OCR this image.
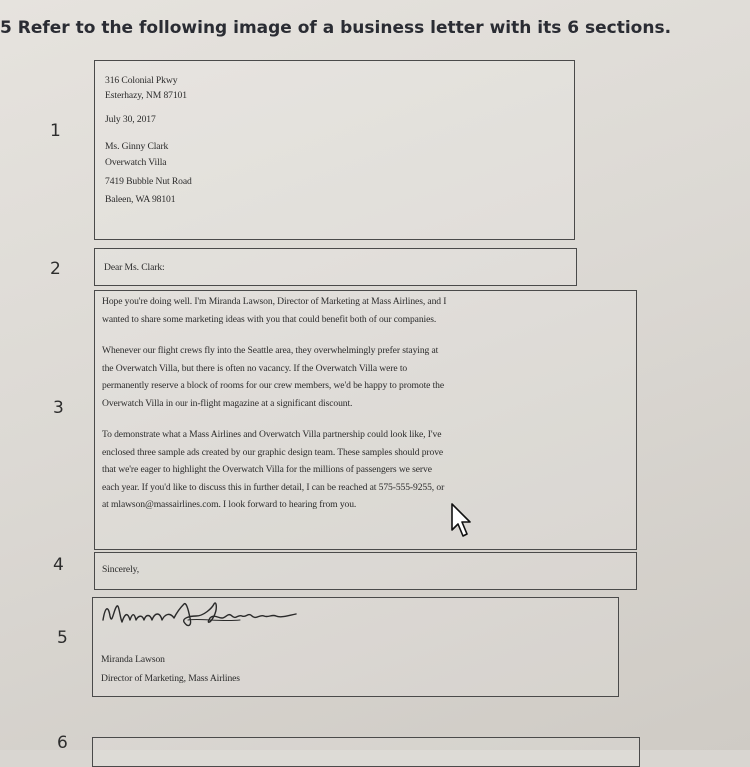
5 Refer to the following image of a business letter with its 6 sections.
1
2
3
4
5
6
316 Colonial Pkwy
Esterhazy, NM 87101
July 30, 2017
Ms. Ginny Clark
Overwatch Villa
7419 Bubble Nut Road
Baleen, WA 98101
Dear Ms. Clark:
Hope you're doing well. I'm Miranda Lawson, Director of Marketing at Mass Airlines, and I
wanted to share some marketing ideas with you that could benefit both of our companies.
Whenever our flight crews fly into the Seattle area, they overwhelmingly prefer staying at
the Overwatch Villa, but there is often no vacancy. If the Overwatch Villa were to
permanently reserve a block of rooms for our crew members, we'd be happy to promote the
Overwatch Villa in our in-flight magazine at a significant discount.
To demonstrate what a Mass Airlines and Overwatch Villa partnership could look like, I've
enclosed three sample ads created by our graphic design team. These samples should prove
that we're eager to highlight the Overwatch Villa for the millions of passengers we serve
each year. If you'd like to discuss this in further detail, I can be reached at 575-555-9255, or
at mlawson@massairlines.com. I look forward to hearing from you.
Sincerely,
Miranda Lawson
Director of Marketing, Mass Airlines
